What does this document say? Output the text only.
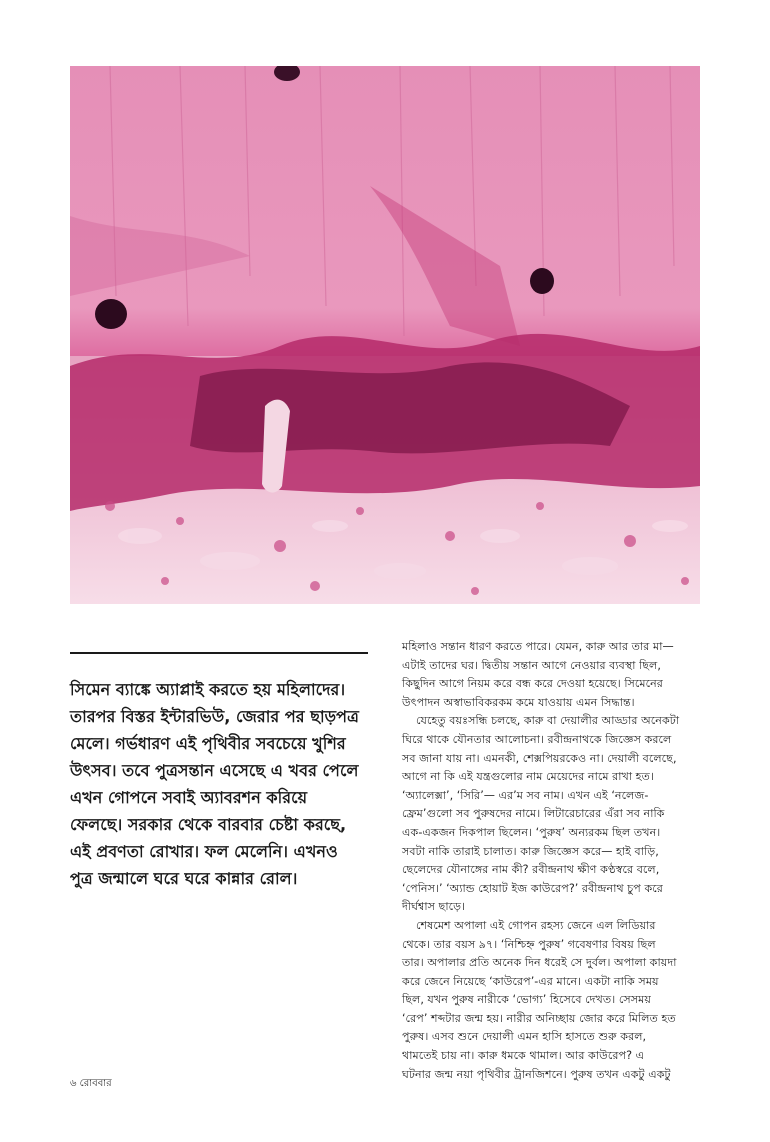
সিমেন ব্যাঙ্কে অ্যাপ্লাই করতে হয় মহিলাদের।
তারপর বিস্তর ইন্টারভিউ, জেরার পর ছাড়পত্র
মেলে। গর্ভধারণ এই পৃথিবীর সবচেয়ে খুশির
উৎসব। তবে পুত্রসন্তান এসেছে এ খবর পেলে
এখন গোপনে সবাই অ্যাবরশন করিয়ে
ফেলছে। সরকার থেকে বারবার চেষ্টা করছে,
এই প্রবণতা রোখার। ফল মেলেনি। এখনও
পুত্র জন্মালে ঘরে ঘরে কান্নার রোল।
মহিলাও সন্তান ধারণ করতে পারে। যেমন, কারু আর তার মা—
এটাই তাদের ঘর। দ্বিতীয় সন্তান আগে নেওয়ার ব্যবস্থা ছিল,
কিছুদিন আগে নিয়ম করে বন্ধ করে দেওয়া হয়েছে। সিমেনের
উৎপাদন অস্বাভাবিকরকম কমে যাওয়ায় এমন সিদ্ধান্ত।
যেহেতু বয়ঃসন্ধি চলছে, কারু বা দেয়ালীর আড্ডার অনেকটা
ঘিরে থাকে যৌনতার আলোচনা। রবীন্দ্রনাথকে জিজ্ঞেস করলে
সব জানা যায় না। এমনকী, শেক্সপিয়রকেও না। দেয়ালী বলেছে,
আগে না কি এই যন্ত্রগুলোর নাম মেয়েদের নামে রাখা হত।
‘অ্যালেক্সা’, ‘সিরি’— এর’ম সব নাম। এখন এই ‘নলেজ-
ফ্রেম’গুলো সব পুরুষদের নামে। লিটারেচারের এঁরা সব নাকি
এক-একজন দিকপাল ছিলেন। ‘পুরুষ’ অন্যরকম ছিল তখন।
সবটা নাকি তারাই চালাত। কারু জিজ্ঞেস করে— হাই বাড়ি,
ছেলেদের যৌনাঙ্গের নাম কী? রবীন্দ্রনাথ ক্ষীণ কণ্ঠস্বরে বলে,
‘পেনিস।’ ‘অ্যান্ড হোয়াট ইজ কাউরেপ?’ রবীন্দ্রনাথ চুপ করে
দীর্ঘশ্বাস ছাড়ে।
শেষমেশ অপালা এই গোপন রহস্য জেনে এল লিডিয়ার
থেকে। তার বয়স ৯৭। ‘নিশ্চিহ্ন পুরুষ’ গবেষণার বিষয় ছিল
তার। অপালার প্রতি অনেক দিন ধরেই সে দুর্বল। অপালা কায়দা
করে জেনে নিয়েছে ‘কাউরেপ’-এর মানে। একটা নাকি সময়
ছিল, যখন পুরুষ নারীকে ‘ভোগ্য’ হিসেবে দেখত। সেসময়
‘রেপ’ শব্দটার জন্ম হয়। নারীর অনিচ্ছায় জোর করে মিলিত হত
পুরুষ। এসব শুনে দেয়ালী এমন হাসি হাসতে শুরু করল,
থামতেই চায় না। কারু ধমকে থামাল। আর কাউরেপ? এ
ঘটনার জন্ম নয়া পৃথিবীর ট্রানজিশনে। পুরুষ তখন একটু একটু
৬ রোববার
